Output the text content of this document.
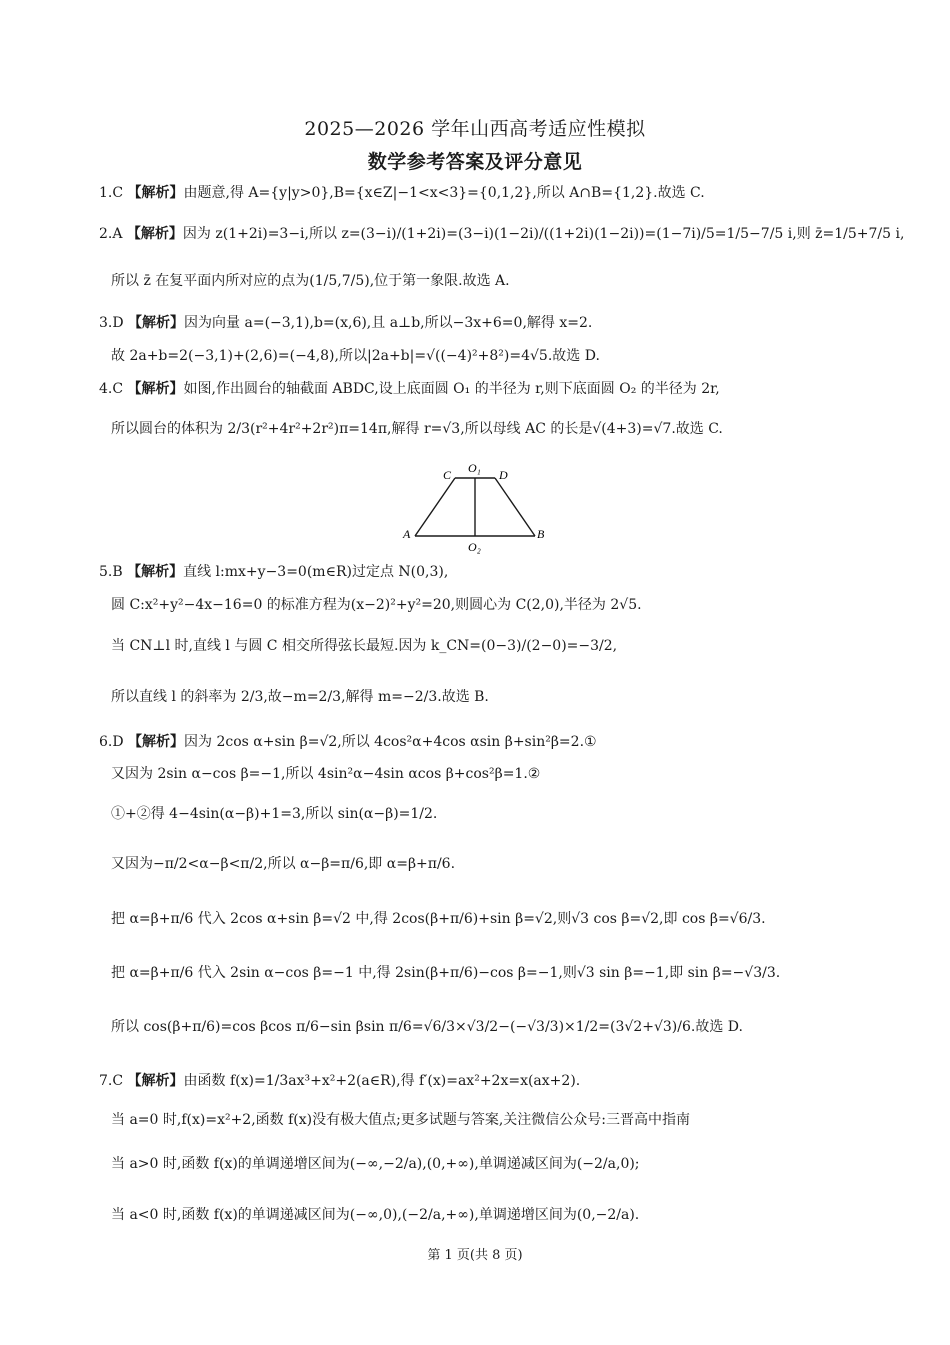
2025—2026 学年山西高考适应性模拟
数学参考答案及评分意见
1.C 【解析】由题意,得 A={y|y>0},B={x∈Z|−1<x<3}={0,1,2},所以 A∩B={1,2}.故选 C.
2.A 【解析】因为 z(1+2i)=3−i,所以 z=(3−i)/(1+2i)=(3−i)(1−2i)/((1+2i)(1−2i))=(1−7i)/5=1/5−7/5 i,则 z̄=1/5+7/5 i,
所以 z̄ 在复平面内所对应的点为(1/5,7/5),位于第一象限.故选 A.
3.D 【解析】因为向量 a=(−3,1),b=(x,6),且 a⊥b,所以−3x+6=0,解得 x=2.
故 2a+b=2(−3,1)+(2,6)=(−4,8),所以|2a+b|=√((−4)²+8²)=4√5.故选 D.
4.C 【解析】如图,作出圆台的轴截面 ABDC,设上底面圆 O₁ 的半径为 r,则下底面圆 O₂ 的半径为 2r,
所以圆台的体积为 2/3(r²+4r²+2r²)π=14π,解得 r=√3,所以母线 AC 的长是√(4+3)=√7.故选 C.
C	D
O₁
A	B
O₂
5.B 【解析】直线 l:mx+y−3=0(m∈R)过定点 N(0,3),
圆 C:x²+y²−4x−16=0 的标准方程为(x−2)²+y²=20,则圆心为 C(2,0),半径为 2√5.
当 CN⊥l 时,直线 l 与圆 C 相交所得弦长最短.因为 k_CN=(0−3)/(2−0)=−3/2,
所以直线 l 的斜率为 2/3,故−m=2/3,解得 m=−2/3.故选 B.
6.D 【解析】因为 2cos α+sin β=√2,所以 4cos²α+4cos αsin β+sin²β=2.①
又因为 2sin α−cos β=−1,所以 4sin²α−4sin αcos β+cos²β=1.②
①+②得 4−4sin(α−β)+1=3,所以 sin(α−β)=1/2.
又因为−π/2<α−β<π/2,所以 α−β=π/6,即 α=β+π/6.
把 α=β+π/6 代入 2cos α+sin β=√2 中,得 2cos(β+π/6)+sin β=√2,则√3 cos β=√2,即 cos β=√6/3.
把 α=β+π/6 代入 2sin α−cos β=−1 中,得 2sin(β+π/6)−cos β=−1,则√3 sin β=−1,即 sin β=−√3/3.
所以 cos(β+π/6)=cos βcos π/6−sin βsin π/6=√6/3×√3/2−(−√3/3)×1/2=(3√2+√3)/6.故选 D.
7.C 【解析】由函数 f(x)=1/3ax³+x²+2(a∈R),得 f′(x)=ax²+2x=x(ax+2).
当 a=0 时,f(x)=x²+2,函数 f(x)没有极大值点;更多试题与答案,关注微信公众号:三晋高中指南
当 a>0 时,函数 f(x)的单调递增区间为(−∞,−2/a),(0,+∞),单调递减区间为(−2/a,0);
当 a<0 时,函数 f(x)的单调递减区间为(−∞,0),(−2/a,+∞),单调递增区间为(0,−2/a).
第 1 页(共 8 页)
